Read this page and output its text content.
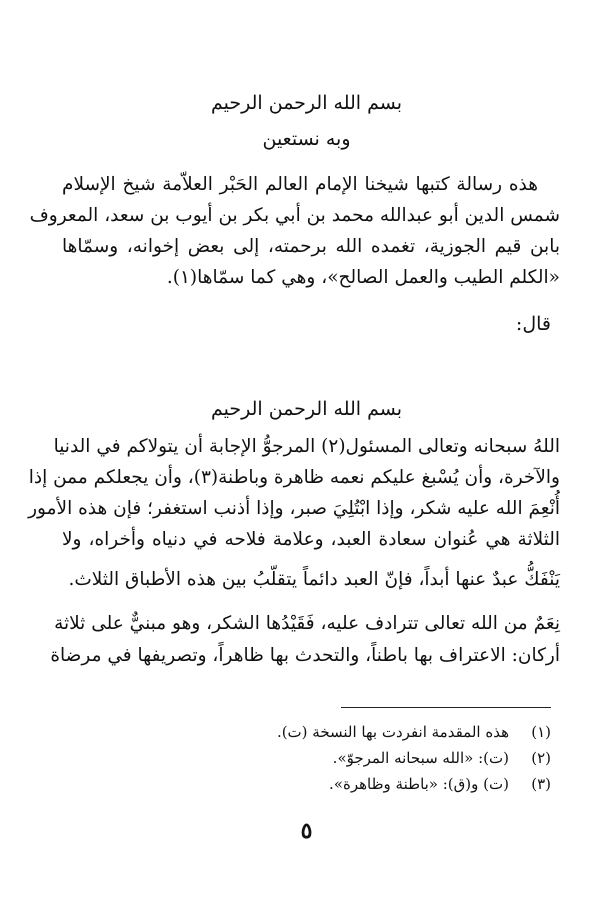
بسم الله الرحمن الرحيم
وبه نستعين
هذه رسالة كتبها شيخنا الإمام العالم الحَبْر العلاّمة شيخ الإسلام
شمس الدين أبو عبدالله محمد بن أبي بكر بن أيوب بن سعد، المعروف
بابن قيم الجوزية، تغمده الله برحمته، إلى بعض إخوانه، وسمّاها
«الكلم الطيب والعمل الصالح»، وهي كما سمّاها(١).
قال:
بسم الله الرحمن الرحيم
اللهُ سبحانه وتعالى المسئول(٢) المرجوُّ الإجابة أن يتولاكم في الدنيا
والآخرة، وأن يُسْبغ عليكم نعمه ظاهرة وباطنة(٣)، وأن يجعلكم ممن إذا
أُنْعِمَ الله عليه شكر، وإذا ابْتُلِيَ صبر، وإذا أذنب استغفر؛ فإن هذه الأمور
الثلاثة هي عُنوان سعادة العبد، وعلامة فلاحه في دنياه وأخراه، ولا
يَنْفَكُّ عبدٌ عنها أبداً، فإنّ العبد دائماً يتقلّبُ بين هذه الأطباق الثلاث.
نِعَمٌ من الله تعالى تترادف عليه، فَقَيْدُها الشكر، وهو مبنيٌّ على ثلاثة
أركان: الاعتراف بها باطناً، والتحدث بها ظاهراً، وتصريفها في مرضاة
(١)هذه المقدمة انفردت بها النسخة (ت).
(٢)(ت): «الله سبحانه المرجوّ».
(٣)(ت) و(ق): «باطنة وظاهرة».
٥
